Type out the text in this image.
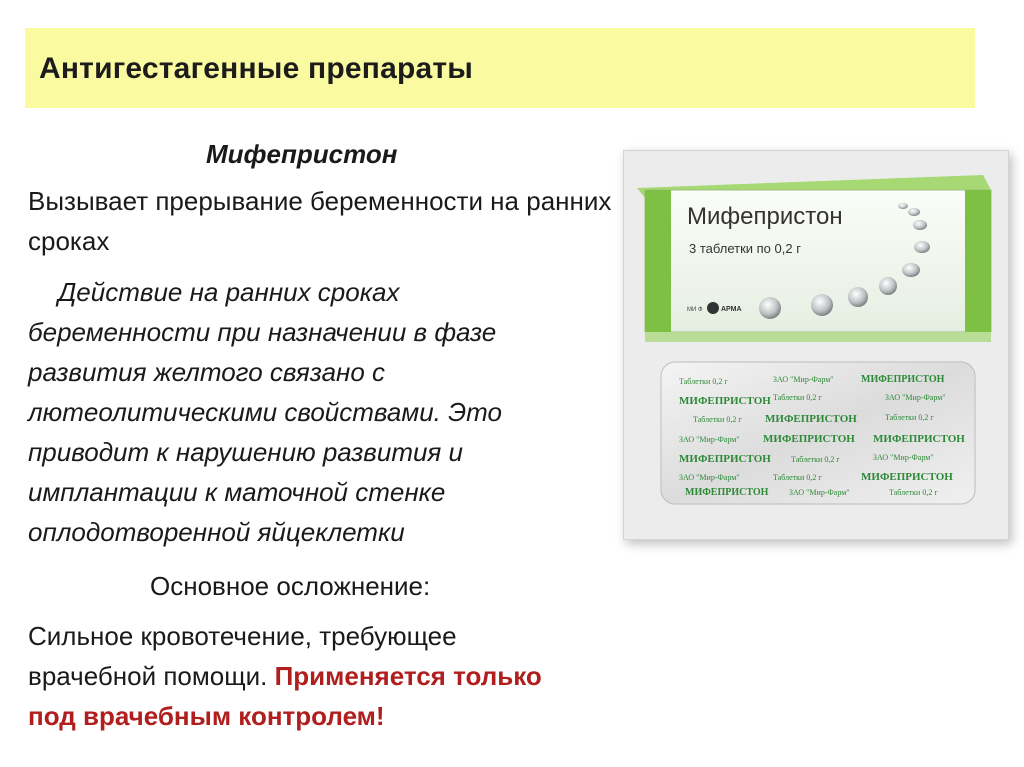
Антигестагенные препараты
Мифепристон
Вызывает прерывание беременности на ранних сроках
Действие на ранних сроках
беременности при назначении в фазе
развития желтого связано с
лютеолитическими свойствами. Это
приводит к нарушению развития и
имплантации к маточной стенке
оплодотворенной яйцеклетки
Основное осложнение:
Сильное кровотечение, требующее врачебной помощи. Применяется только под врачебным контролем!
Мифепристон
3 таблетки по 0,2 г
МИ Ф	АРМА
Таблетки 0,2 г	ЗАО "Мир-Фарм"	МИФЕПРИСТОН
МИФЕПРИСТОН Таблетки 0,2 г	ЗАО "Мир-Фарм"
Таблетки 0,2 г МИФЕПРИСТОН	Таблетки 0,2 г
ЗАО "Мир-Фарм" МИФЕПРИСТОН МИФЕПРИСТОН
МИФЕПРИСТОН	Таблетки 0,2 г	ЗАО "Мир-Фарм"
ЗАО "Мир-Фарм"	Таблетки 0,2 г	МИФЕПРИСТОН
МИФЕПРИСТОН	ЗАО "Мир-Фарм"	Таблетки 0,2 г
